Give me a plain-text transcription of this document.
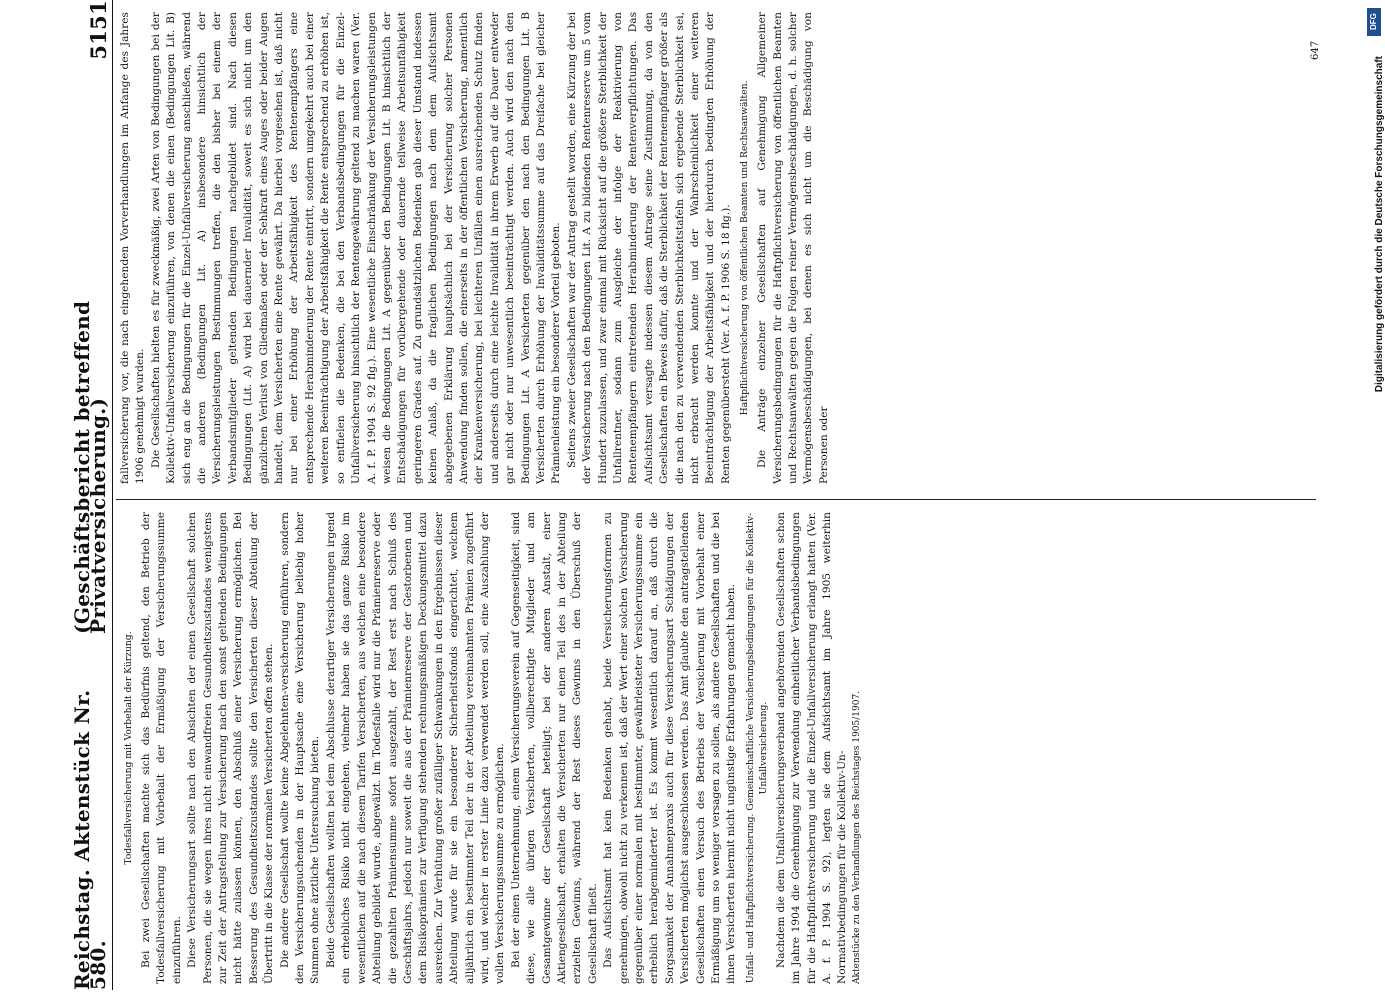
Reichstag. Aktenstück Nr. 580.
(Geschäftsbericht betreffend Privatversicherung.)
5151

Todesfallversicherung mit Vorbehalt der Kürzung. Bei zwei Gesellschaften machte sich das Bedürfnis geltend, den Betrieb der Todesfallversicherung mit Vorbehalt der Ermäßigung der Versicherungssumme einzuführen. Diese Versicherungsart sollte nach den Absichten der einen Gesellschaft solchen Personen, die sie wegen ihres nicht einwandfreien Gesundheitszustandes wenigstens zur Zeit der Antragstellung zur Versicherung nach den sonst geltenden Bedingungen nicht hätte zulassen können, den Abschluß einer Versicherung ermöglichen. Bei Besserung des Gesundheitszustandes sollte den Versicherten dieser Abteilung der Übertritt in die Klasse der normalen Versicherten offen stehen. Die andere Gesellschaft wollte keine Abgelehnten-versicherung einführen, sondern den Versicherungsuchenden in der Hauptsache eine Versicherung beliebig hoher Summen ohne ärztliche Untersuchung bieten. Beide Gesellschaften wollten bei dem Abschlusse derartiger Versicherungen irgend ein erhebliches Risiko nicht eingehen, vielmehr haben sie das ganze Risiko im wesentlichen auf die nach diesem Tarifen Versicherten, aus welchen eine besondere Abteilung gebildet wurde, abgewälzt. Im Todesfalle wird nur die Prämienreserve oder die gezahlten Prämiensumme sofort ausgezahlt, der Rest erst nach Schluß des Geschäftsjahrs, jedoch nur soweit die aus der Prämienreserve der Gestorbenen und dem Risikoprämien zur Verfügung stehenden rechnungsmäßigen Deckungsmittel dazu ausreichen. Zur Verhütung großer zufälliger Schwankungen in den Ergebnissen dieser Abteilung wurde für sie ein besonderer Sicherheitsfonds eingerichtet, welchem alljährlich ein bestimmter Teil der in der Abteilung vereinnahmten Prämien zugeführt wird, und welcher in erster Linie dazu verwendet werden soll, eine Auszahlung der vollen Versicherungssumme zu ermöglichen. Bei der einen Unternehmung, einem Versicherungsverein auf Gegenseitigkeit, sind diese, wie alle übrigen Versicherten, vollberechtigte Mitglieder und am Gesamtgewinne der Gesellschaft beteiligt; bei der anderen Anstalt, einer Aktiengesellschaft, erhalten die Versicherten nur einen Teil des in der Abteilung erzielten Gewinns, während der Rest dieses Gewinns in den Überschuß der Gesellschaft fließt. Das Aufsichtsamt hat kein Bedenken gehabt, beide Versicherungsformen zu genehmigen, obwohl nicht zu verkennen ist, daß der Wert einer solchen Versicherung gegenüber einer normalen mit bestimmter, gewährleisteter Versicherungssumme ein erheblich herabgeminderter ist. Es kommt wesentlich darauf an, daß durch die Sorgsamkeit der Annahmepraxis auch für diese Versicherungsart Schädigungen der Versicherten möglichst ausgeschlossen werden. Das Amt glaubte den antragstellenden Gesellschaften einen Versuch des Betriebs der Versicherung mit Vorbehalt einer Ermäßigung um so weniger versagen zu sollen, als andere Gesellschaften und die bei ihnen Versicherten hiermit nicht ungünstige Erfahrungen gemacht haben. Unfall- und Haftpflichtversicherung. Gemeinschaftliche Versicherungsbedingungen für die Kollektiv-Unfallversicherung. Nachdem die dem Unfallversicherungsverband angehörenden Gesellschaften schon im Jahre 1904 die Genehmigung zur Verwendung einheitlicher Verbandsbedingungen für die Haftpflichtversicherung und die Einzel-Unfallversicherung erlangt hatten (Ver. A. f. P. 1904 S. 92), legten sie dem Aufsichtsamt im Jahre 1905 weiterhin Normativbedingungen für die Kollektiv-Un- Aktenstücke zu den Verhandlungen des Reichstages 1905/1907.

fallversicherung vor, die nach eingehenden Vorverhandlungen im Anfange des Jahres 1906 genehmigt wurden. Die Gesellschaften hielten es für zweckmäßig, zwei Arten von Bedingungen bei der Kollektiv-Unfallversicherung einzuführen, von denen die einen (Bedingungen Lit. B) sich eng an die Bedingungen für die Einzel-Unfallversicherung anschließen, während die anderen (Bedingungen Lit. A) insbesondere hinsichtlich der Versicherungsleistungen Bestimmungen treffen, die den bisher bei einem der Verbandsmitglieder geltenden Bedingungen nachgebildet sind. Nach diesen Bedingungen (Lit. A) wird bei dauernder Invalidität, soweit es sich nicht um den gänzlichen Verlust von Gliedmaßen oder der Sehkraft eines Auges oder beider Augen handelt, dem Versicherten eine Rente gewährt. Da hierbei vorgesehen ist, daß nicht nur bei einer Erhöhung der Arbeitsfähigkeit des Rentenempfängers eine entsprechende Herabminderung der Rente eintritt, sondern umgekehrt auch bei einer weiteren Beeinträchtigung der Arbeitsfähigkeit die Rente entsprechend zu erhöhen ist, so entfielen die Bedenken, die bei den Verbandsbedingungen für die Einzel-Unfallversicherung hinsichtlich der Rentengewährung geltend zu machen waren (Ver. A. f. P. 1904 S. 92 flg.). Eine wesentliche Einschränkung der Versicherungsleistungen weisen die Bedingungen Lit. A gegenüber den Bedingungen Lit. B hinsichtlich der Entschädigungen für vorübergehende oder dauernde teilweise Arbeitsunfähigkeit geringeren Grades auf. Zu grundsätzlichen Bedenken gab dieser Umstand indessen keinen Anlaß, da die fraglichen Bedingungen nach dem dem Aufsichtsamt abgegebenen Erklärung hauptsächlich bei der Versicherung solcher Personen Anwendung finden sollen, die einerseits in der öffentlichen Versicherung, namentlich der Krankenversicherung, bei leichteren Unfällen einen ausreichenden Schutz finden und anderseits durch eine leichte Invalidität in ihrem Erwerb auf die Dauer entweder gar nicht oder nur unwesentlich beeinträchtigt werden. Auch wird den nach den Bedingungen Lit. A Versicherten gegenüber den nach den Bedingungen Lit. B Versicherten durch Erhöhung der Invaliditätssumme auf das Dreifache bei gleicher Prämienleistung ein besonderer Vorteil geboten. Seitens zweier Gesellschaften war der Antrag gestellt worden, eine Kürzung der bei der Versicherung nach den Bedingungen Lit. A zu bildenden Rentenreserve um 5 vom Hundert zuzulassen, und zwar einmal mit Rücksicht auf die größere Sterblichkeit der Unfallrentner, sodann zum Ausgleiche der infolge der Reaktivierung von Rentenempfängern eintretenden Herabminderung der Rentenverpflichtungen. Das Aufsichtsamt versagte indessen diesem Antrage seine Zustimmung, da von den Gesellschaften ein Beweis dafür, daß die Sterblichkeit der Rentenempfänger größer als die nach den zu verwendenden Sterblichkeitstafeln sich ergebende Sterblichkeit sei, nicht erbracht werden konnte und der Wahrscheinlichkeit einer weiteren Beeinträchtigung der Arbeitsfähigkeit und der hierdurch bedingten Erhöhung der Renten gegenübersteht (Ver. A. f. P. 1906 S. 18 flg.). Haftpflichtversicherung von öffentlichen Beamten und Rechtsanwälten. Die Anträge einzelner Gesellschaften auf Genehmigung Allgemeiner Versicherungsbedingungen für die Haftpflichtversicherung von öffentlichen Beamten und Rechtsanwälten gegen die Folgen reiner Vermögensbeschädigungen, d. h. solcher Vermögensbeschädigungen, bei denen es sich nicht um die Beschädigung von Personen oder

647
DFG
Digitalisierung gefördert durch die Deutsche Forschungsgemeinschaft
